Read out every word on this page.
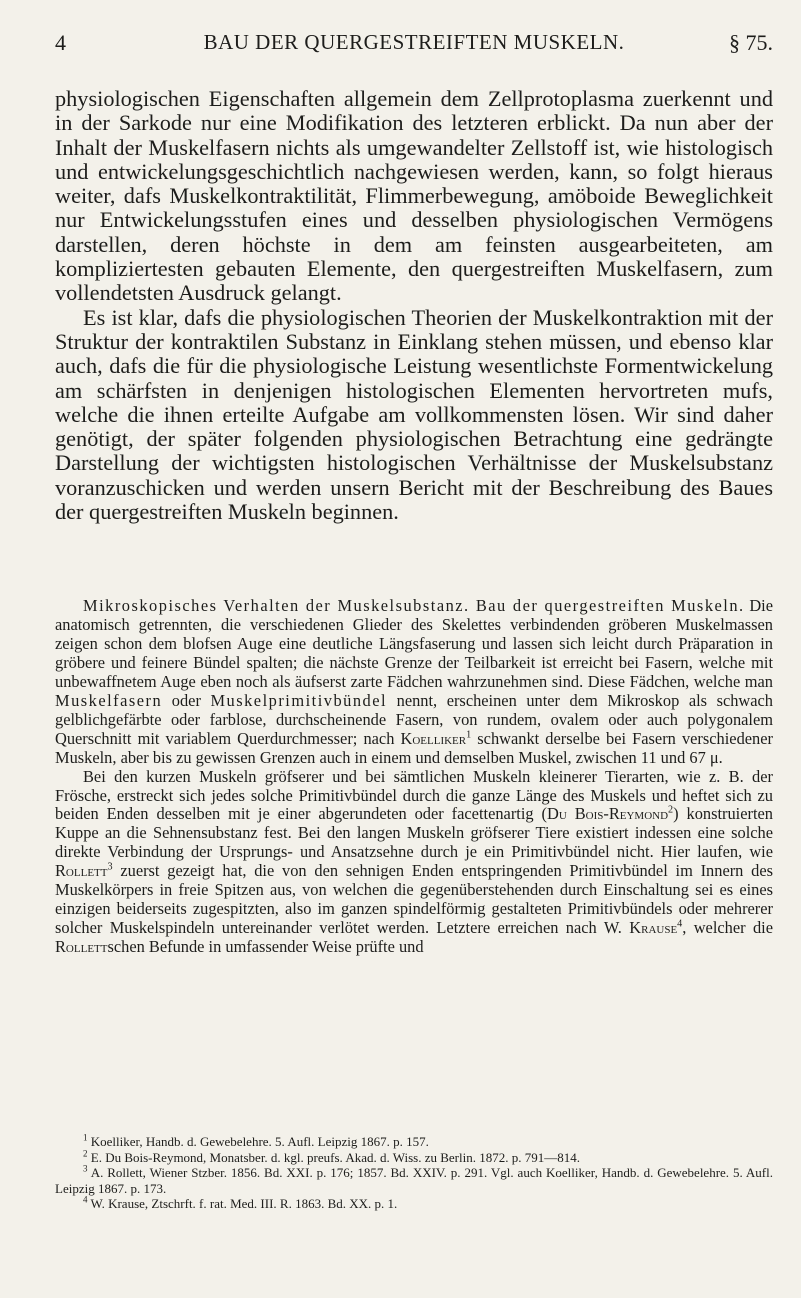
4	BAU DER QUERGESTREIFTEN MUSKELN.	§ 75.

physiologischen Eigenschaften allgemein dem Zellprotoplasma zuerkennt und in der Sarkode nur eine Modifikation des letzteren erblickt. Da nun aber der Inhalt der Muskelfasern nichts als umgewandelter Zellstoff ist, wie histologisch und entwickelungsgeschichtlich nachgewiesen werden, kann, so folgt hieraus weiter, dafs Muskelkontraktilität, Flimmerbewegung, amöboide Beweglichkeit nur Entwickelungsstufen eines und desselben physiologischen Vermögens darstellen, deren höchste in dem am feinsten ausgearbeiteten, am kompliziertesten gebauten Elemente, den quergestreiften Muskelfasern, zum vollendetsten Ausdruck gelangt.

Es ist klar, dafs die physiologischen Theorien der Muskelkontraktion mit der Struktur der kontraktilen Substanz in Einklang stehen müssen, und ebenso klar auch, dafs die für die physiologische Leistung wesentlichste Formentwickelung am schärfsten in denjenigen histologischen Elementen hervortreten mufs, welche die ihnen erteilte Aufgabe am vollkommensten lösen. Wir sind daher genötigt, der später folgenden physiologischen Betrachtung eine gedrängte Darstellung der wichtigsten histologischen Verhältnisse der Muskelsubstanz voranzuschicken und werden unsern Bericht mit der Beschreibung des Baues der quergestreiften Muskeln beginnen.

Mikroskopisches Verhalten der Muskelsubstanz. Bau der quergestreiften Muskeln. Die anatomisch getrennten, die verschiedenen Glieder des Skelettes verbindenden gröberen Muskelmassen zeigen schon dem blofsen Auge eine deutliche Längsfaserung und lassen sich leicht durch Präparation in gröbere und feinere Bündel spalten; die nächste Grenze der Teilbarkeit ist erreicht bei Fasern, welche mit unbewaffnetem Auge eben noch als äufserst zarte Fädchen wahrzunehmen sind. Diese Fädchen, welche man Muskelfasern oder Muskelprimitivbündel nennt, erscheinen unter dem Mikroskop als schwach gelblichgefärbte oder farblose, durchscheinende Fasern, von rundem, ovalem oder auch polygonalem Querschnitt mit variablem Querdurchmesser; nach Koelliker$^1$ schwankt derselbe bei Fasern verschiedener Muskeln, aber bis zu gewissen Grenzen auch in einem und demselben Muskel, zwischen 11 und 67 μ.

Bei den kurzen Muskeln gröfserer und bei sämtlichen Muskeln kleinerer Tierarten, wie z. B. der Frösche, erstreckt sich jedes solche Primitivbündel durch die ganze Länge des Muskels und heftet sich zu beiden Enden desselben mit je einer abgerundeten oder facettenartig (Du Bois-Reymond$^2$) konstruierten Kuppe an die Sehnensubstanz fest. Bei den langen Muskeln gröfserer Tiere existiert indessen eine solche direkte Verbindung der Ursprungs- und Ansatzsehne durch je ein Primitivbündel nicht. Hier laufen, wie Rollett$^3$ zuerst gezeigt hat, die von den sehnigen Enden entspringenden Primitivbündel im Innern des Muskelkörpers in freie Spitzen aus, von welchen die gegenüberstehenden durch Einschaltung sei es eines einzigen beiderseits zugespitzten, also im ganzen spindelförmig gestalteten Primitivbündels oder mehrerer solcher Muskelspindeln untereinander verlötet werden. Letztere erreichen nach W. Krause$^4$, welcher die Rollettschen Befunde in umfassender Weise prüfte und

$^1$ Koelliker, Handb. d. Gewebelehre. 5. Aufl. Leipzig 1867. p. 157.

$^2$ E. Du Bois-Reymond, Monatsber. d. kgl. preufs. Akad. d. Wiss. zu Berlin. 1872. p. 791—814.

$^3$ A. Rollett, Wiener Stzber. 1856. Bd. XXI. p. 176; 1857. Bd. XXIV. p. 291. Vgl. auch Koelliker, Handb. d. Gewebelehre. 5. Aufl. Leipzig 1867. p. 173.

$^4$ W. Krause, Ztschrft. f. rat. Med. III. R. 1863. Bd. XX. p. 1.
